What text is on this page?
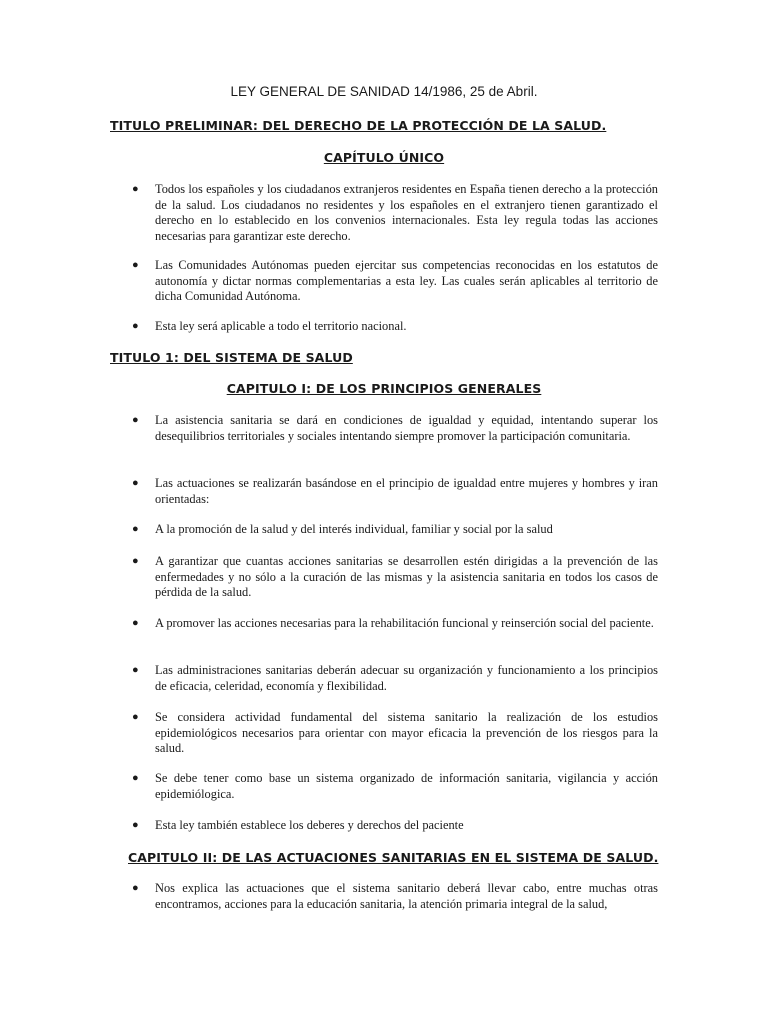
LEY GENERAL DE SANIDAD 14/1986, 25 de Abril.
TITULO PRELIMINAR: DEL DERECHO DE LA PROTECCIÓN DE LA SALUD.
CAPÍTULO ÚNICO
● Todos los españoles y los ciudadanos extranjeros residentes en España tienen derecho a la protección de la salud. Los ciudadanos no residentes y los españoles en el extranjero tienen garantizado el derecho en lo establecido en los convenios internacionales. Esta ley regula todas las acciones necesarias para garantizar este derecho.
● Las Comunidades Autónomas pueden ejercitar sus competencias reconocidas en los estatutos de autonomía y dictar normas complementarias a esta ley. Las cuales serán aplicables al territorio de dicha Comunidad Autónoma.
● Esta ley será aplicable a todo el territorio nacional.
TITULO 1: DEL SISTEMA DE SALUD
CAPITULO I: DE LOS PRINCIPIOS GENERALES
● La asistencia sanitaria se dará en condiciones de igualdad y equidad, intentando superar los desequilibrios territoriales y sociales intentando siempre promover la participación comunitaria.
● Las actuaciones se realizarán basándose en el principio de igualdad entre mujeres y hombres y iran orientadas:
● A la promoción de la salud y del interés individual, familiar y social por la salud
● A garantizar que cuantas acciones sanitarias se desarrollen estén dirigidas a la prevención de las enfermedades y no sólo a la curación de las mismas y la asistencia sanitaria en todos los casos de pérdida de la salud.
● A promover las acciones necesarias para la rehabilitación funcional y reinserción social del paciente.
● Las administraciones sanitarias deberán adecuar su organización y funcionamiento a los principios de eficacia, celeridad, economía y flexibilidad.
● Se considera actividad fundamental del sistema sanitario la realización de los estudios epidemiológicos necesarios para orientar con mayor eficacia la prevención de los riesgos para la salud.
● Se debe tener como base un sistema organizado de información sanitaria, vigilancia y acción epidemiólogica.
● Esta ley también establece los deberes y derechos del paciente
CAPITULO II: DE LAS ACTUACIONES SANITARIAS EN EL SISTEMA DE SALUD.
● Nos explica las actuaciones que el sistema sanitario deberá llevar cabo, entre muchas otras encontramos, acciones para la educación sanitaria, la atención primaria integral de la salud,
